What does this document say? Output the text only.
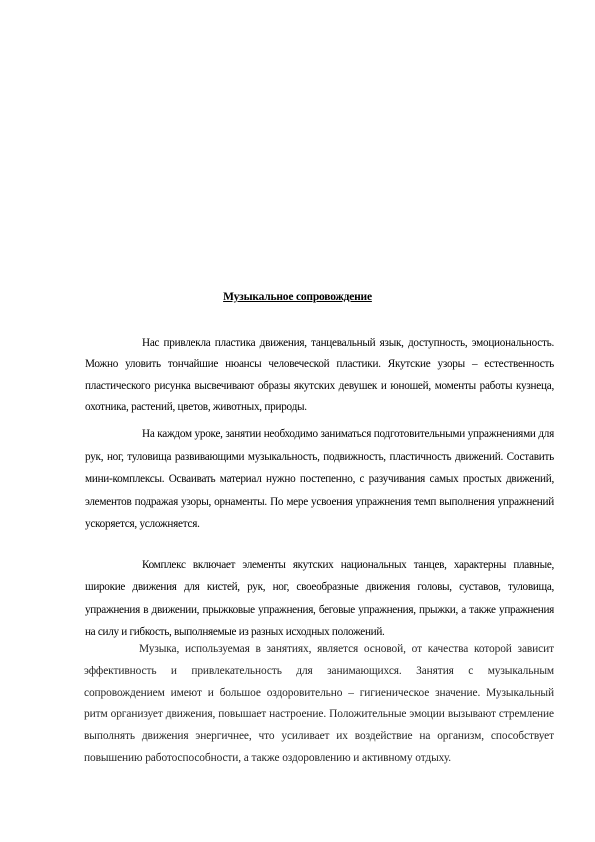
Музыкальное сопровождение

Нас привлекла пластика движения, танцевальный язык, доступность, эмоциональность. Можно уловить тончайшие нюансы человеческой пластики. Якутские узоры – естественность пластического рисунка высвечивают образы якутских девушек и юношей, моменты работы кузнеца, охотника, растений, цветов, животных, природы.

На каждом уроке, занятии необходимо заниматься подготовительными упражнениями для рук, ног, туловища развивающими музыкальность, подвижность, пластичность движений. Составить мини-комплексы. Осваивать материал нужно постепенно, с разучивания самых простых движений, элементов подражая узоры, орнаменты. По мере усвоения упражнения темп выполнения упражнений ускоряется, усложняется.

Комплекс включает элементы якутских национальных танцев, характерны плавные, широкие движения для кистей, рук, ног, своеобразные движения головы, суставов, туловища, упражнения в движении, прыжковые упражнения, беговые упражнения, прыжки, а также упражнения на силу и гибкость, выполняемые из разных исходных положений.

Музыка, используемая в занятиях, является основой, от качества которой зависит эффективность и привлекательность для занимающихся. Занятия с музыкальным сопровождением имеют и большое оздоровительно – гигиеническое значение. Музыкальный ритм организует движения, повышает настроение. Положительные эмоции вызывают стремление выполнять движения энергичнее, что усиливает их воздействие на организм, способствует повышению работоспособности, а также оздоровлению и активному отдыху.
